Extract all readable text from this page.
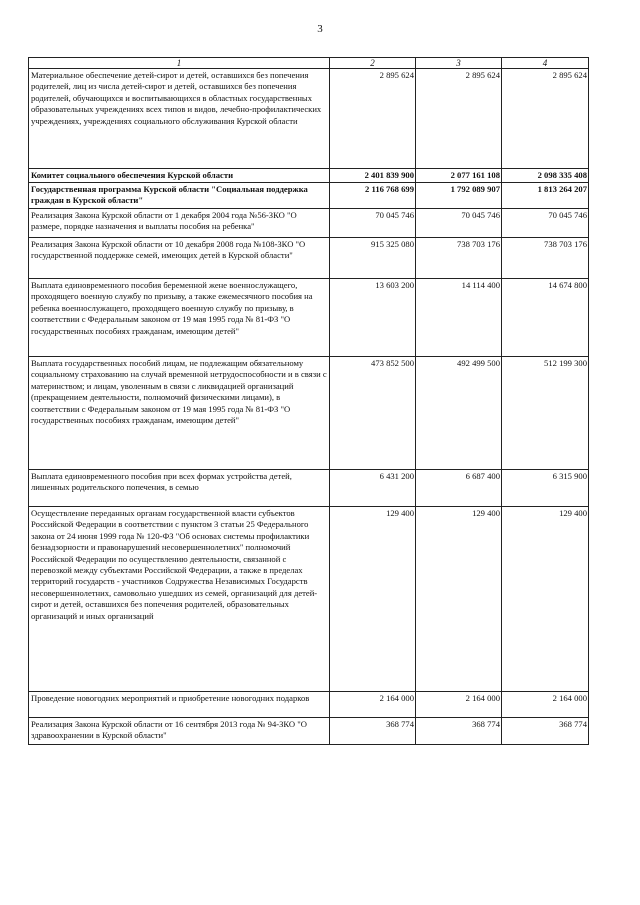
3
1	2	3	4
Материальное обеспечение детей-сирот и детей, оставшихся без попечения родителей, лиц из числа детей-сирот и детей, оставшихся без попечения родителей, обучающихся и воспитывающихся в областных государственных образовательных учреждениях всех типов и видов, лечебно-профилактических учреждениях, учреждениях социального обслуживания Курской области	2 895 624	2 895 624	2 895 624
Комитет социального обеспечения Курской области	2 401 839 900	2 077 161 108	2 098 335 408
Государственная программа Курской области "Социальная поддержка граждан в Курской области"	2 116 768 699	1 792 089 907	1 813 264 207
Реализация Закона Курской области от 1 декабря 2004 года №56-ЗКО "О размере, порядке назначения и выплаты пособия на ребенка"	70 045 746	70 045 746	70 045 746
Реализация Закона Курской области от 10 декабря 2008 года №108-ЗКО "О государственной поддержке семей, имеющих детей в Курской области"	915 325 080	738 703 176	738 703 176
Выплата единовременного пособия беременной жене военнослужащего, проходящего военную службу по призыву, а также ежемесячного пособия на ребенка военнослужащего, проходящего военную службу по призыву, в соответствии с Федеральным законом от 19 мая 1995 года № 81-ФЗ "О государственных пособиях гражданам, имеющим детей"	13 603 200	14 114 400	14 674 800
Выплата государственных пособий лицам, не подлежащим обязательному социальному страхованию на случай временной нетрудоспособности и в связи с материнством; и лицам, уволенным в связи с ликвидацией организаций (прекращением деятельности, полномочий физическими лицами), в соответствии с Федеральным законом от 19 мая 1995 года № 81-ФЗ "О государственных пособиях гражданам, имеющим детей"	473 852 500	492 499 500	512 199 300
Выплата единовременного пособия при всех формах устройства детей, лишенных родительского попечения, в семью	6 431 200	6 687 400	6 315 900
Осуществление переданных органам государственной власти субъектов Российской Федерации в соответствии с пунктом 3 статьи 25 Федерального закона от 24 июня 1999 года № 120-ФЗ "Об основах системы профилактики безнадзорности и правонарушений несовершеннолетних" полномочий Российской Федерации по осуществлению деятельности, связанной с перевозкой между субъектами Российской Федерации, а также в пределах территорий государств - участников Содружества Независимых Государств несовершеннолетних, самовольно ушедших из семей, организаций для детей-сирот и детей, оставшихся без попечения родителей, образовательных организаций и иных организаций	129 400	129 400	129 400
Проведение новогодних мероприятий и приобретение новогодних подарков	2 164 000	2 164 000	2 164 000
Реализация Закона Курской области от 16 сентября 2013 года № 94-ЗКО "О здравоохранении в Курской области"	368 774	368 774	368 774
